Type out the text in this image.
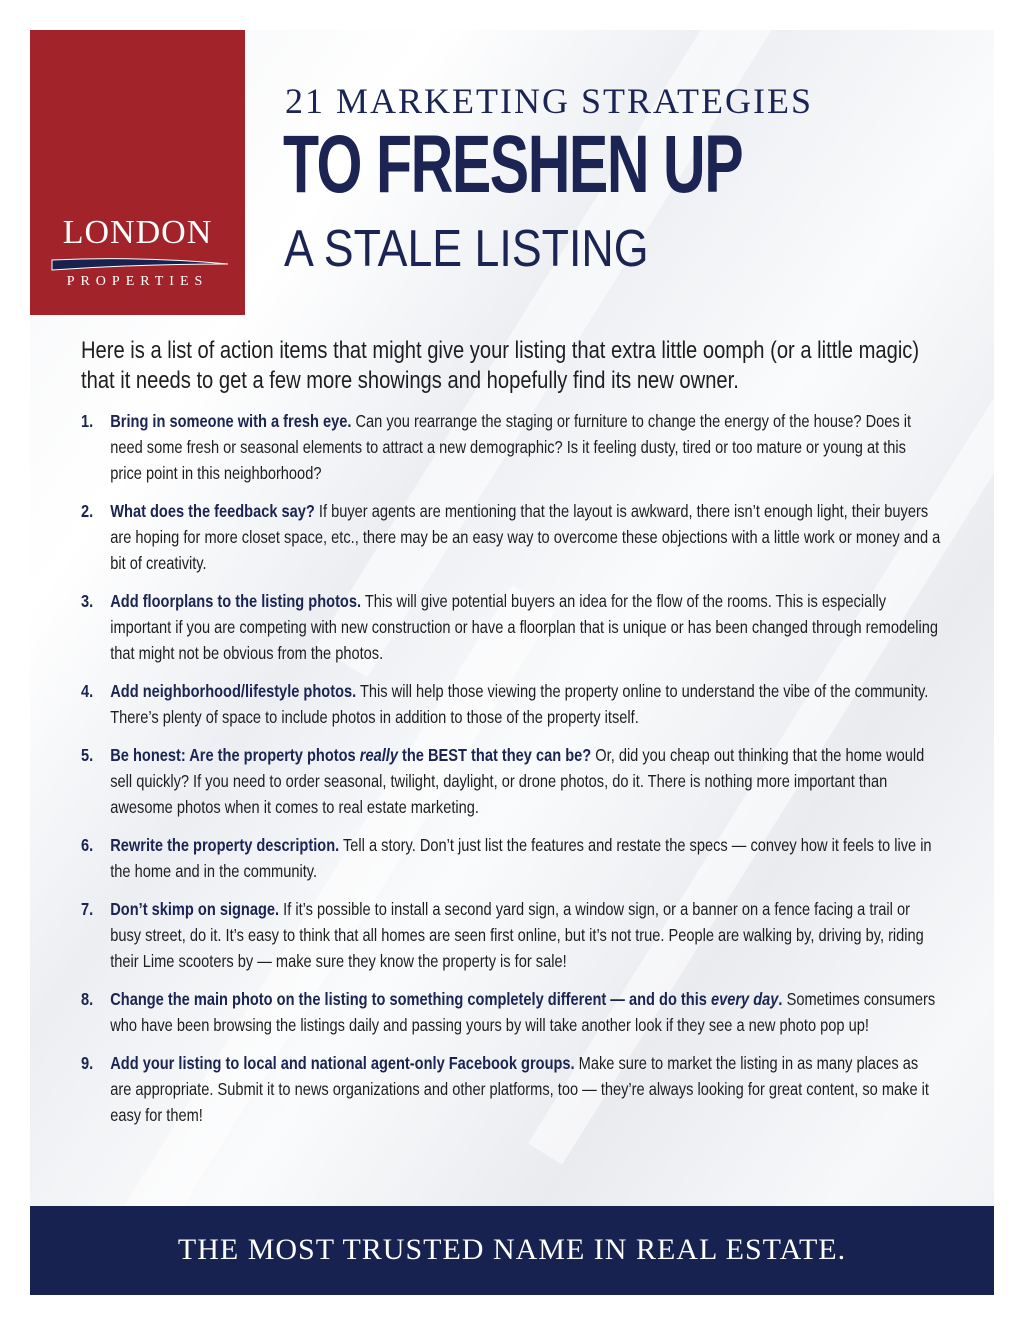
LONDON
PROPERTIES
21 MARKETING STRATEGIES
TO FRESHEN UP
A STALE LISTING
Here is a list of action items that might give your listing that extra little oomph (or a little magic) that it needs to get a few more showings and hopefully find its new owner.
1. Bring in someone with a fresh eye. Can you rearrange the staging or furniture to change the energy of the house? Does it need some fresh or seasonal elements to attract a new demographic? Is it feeling dusty, tired or too mature or young at this price point in this neighborhood?
2. What does the feedback say? If buyer agents are mentioning that the layout is awkward, there isn’t enough light, their buyers are hoping for more closet space, etc., there may be an easy way to overcome these objections with a little work or money and a bit of creativity.
3. Add floorplans to the listing photos. This will give potential buyers an idea for the flow of the rooms. This is especially important if you are competing with new construction or have a floorplan that is unique or has been changed through remodeling that might not be obvious from the photos.
4. Add neighborhood/lifestyle photos. This will help those viewing the property online to understand the vibe of the community. There’s plenty of space to include photos in addition to those of the property itself.
5. Be honest: Are the property photos really the BEST that they can be? Or, did you cheap out thinking that the home would sell quickly? If you need to order seasonal, twilight, daylight, or drone photos, do it. There is nothing more important than awesome photos when it comes to real estate marketing.
6. Rewrite the property description. Tell a story. Don’t just list the features and restate the specs — convey how it feels to live in the home and in the community.
7. Don’t skimp on signage. If it’s possible to install a second yard sign, a window sign, or a banner on a fence facing a trail or busy street, do it. It’s easy to think that all homes are seen first online, but it’s not true. People are walking by, driving by, riding their Lime scooters by — make sure they know the property is for sale!
8. Change the main photo on the listing to something completely different — and do this every day. Sometimes consumers who have been browsing the listings daily and passing yours by will take another look if they see a new photo pop up!
9. Add your listing to local and national agent-only Facebook groups. Make sure to market the listing in as many places as are appropriate. Submit it to news organizations and other platforms, too — they’re always looking for great content, so make it easy for them!
THE MOST TRUSTED NAME IN REAL ESTATE.
